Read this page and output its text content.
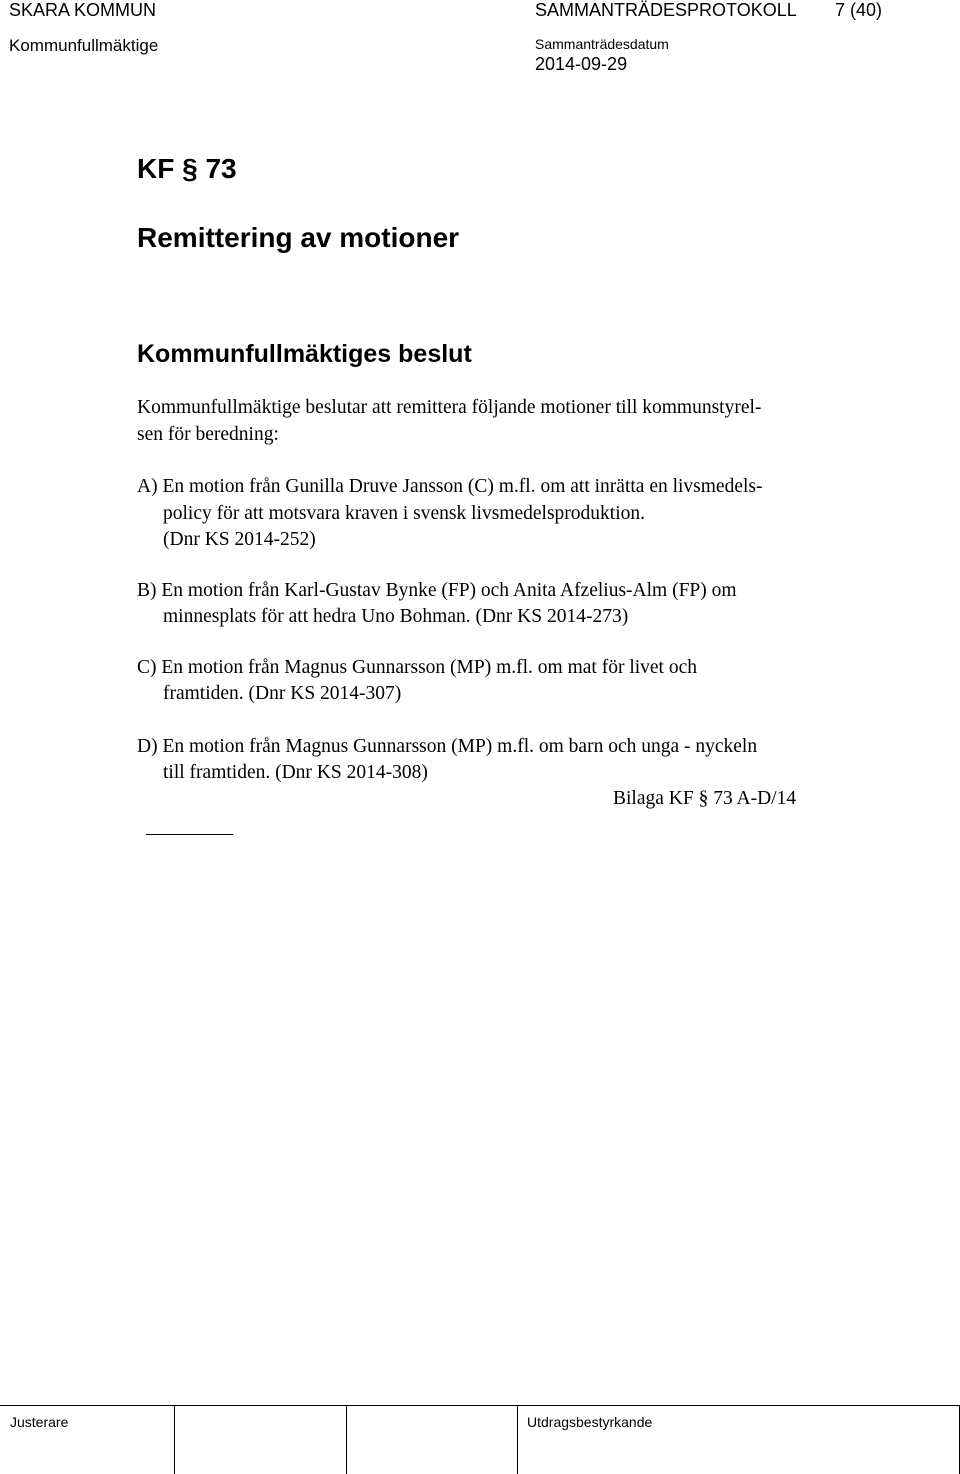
SKARA KOMMUN	SAMMANTRÄDESPROTOKOLL 7 (40)
Kommunfullmäktige	Sammanträdesdatum
2014-09-29
KF § 73
Remittering av motioner
Kommunfullmäktiges beslut
Kommunfullmäktige beslutar att remittera följande motioner till kommunstyrel-
sen för beredning:
A) En motion från Gunilla Druve Jansson (C) m.fl. om att inrätta en livsmedels-
policy för att motsvara kraven i svensk livsmedelsproduktion.
(Dnr KS 2014-252)
B) En motion från Karl-Gustav Bynke (FP) och Anita Afzelius-Alm (FP) om
minnesplats för att hedra Uno Bohman. (Dnr KS 2014-273)
C) En motion från Magnus Gunnarsson (MP) m.fl. om mat för livet och
framtiden. (Dnr KS 2014-307)
D) En motion från Magnus Gunnarsson (MP) m.fl. om barn och unga - nyckeln
till framtiden. (Dnr KS 2014-308)
Bilaga KF § 73 A-D/14
Justerare	Utdragsbestyrkande
